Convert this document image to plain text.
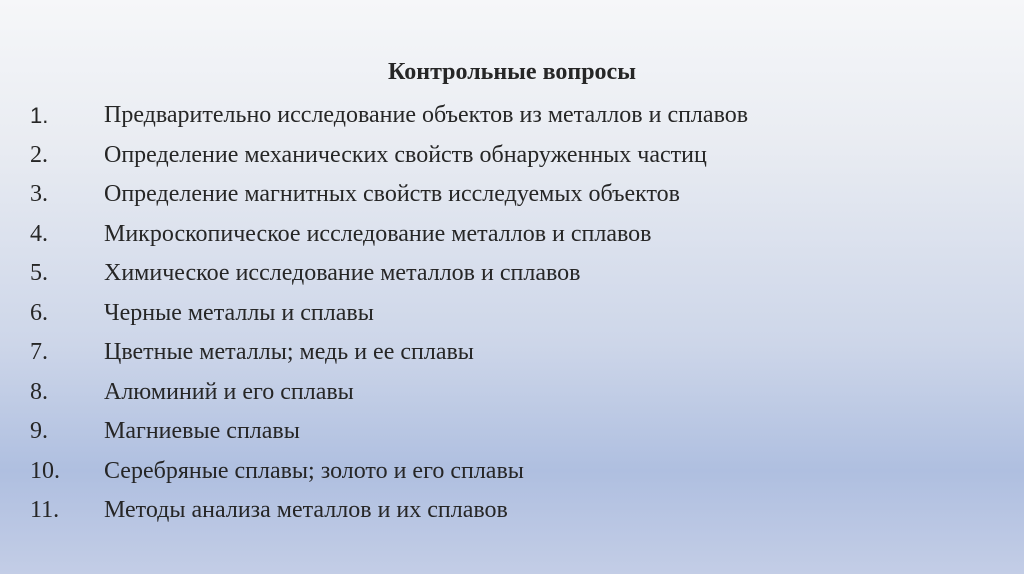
Контрольные вопросы
1.	Предварительно исследование объектов из металлов и сплавов
2.	Определение механических свойств обнаруженных частиц
3.	Определение магнитных свойств исследуемых объектов
4.	Микроскопическое исследование металлов и сплавов
5.	Химическое исследование металлов и сплавов
6.	Черные металлы и сплавы
7.	Цветные металлы; медь и ее сплавы
8.	Алюминий и его сплавы
9.	Магниевые сплавы
10.	Серебряные сплавы; золото и его сплавы
11.	Методы анализа металлов и их сплавов
